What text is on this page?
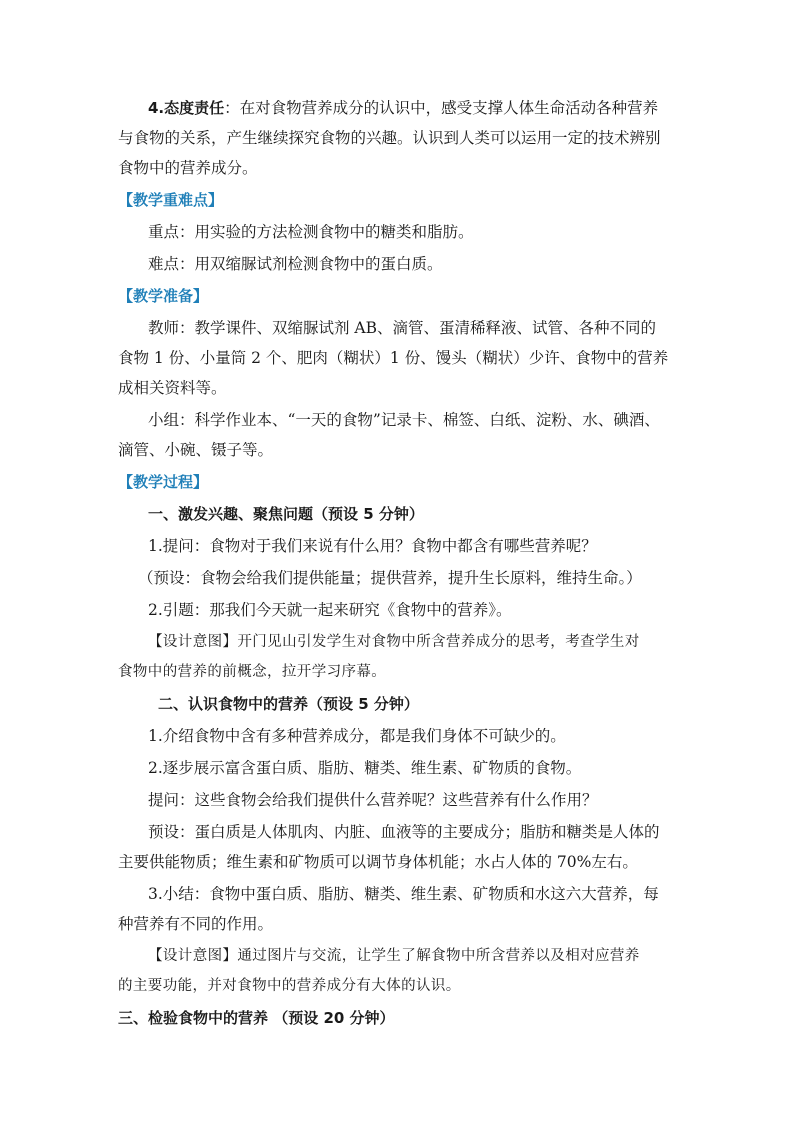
4.态度责任：在对食物营养成分的认识中，感受支撑人体生命活动各种营养
与食物的关系，产生继续探究食物的兴趣。认识到人类可以运用一定的技术辨别
食物中的营养成分。
【教学重难点】
重点：用实验的方法检测食物中的糖类和脂肪。
难点：用双缩脲试剂检测食物中的蛋白质。
【教学准备】
教师：教学课件、双缩脲试剂 AB、滴管、蛋清稀释液、试管、各种不同的
食物 1 份、小量筒 2 个、肥肉（糊状）1 份、馒头（糊状）少许、食物中的营养
成相关资料等。
小组：科学作业本、“一天的食物”记录卡、棉签、白纸、淀粉、水、碘酒、
滴管、小碗、镊子等。
【教学过程】
一、激发兴趣、聚焦问题（预设 5 分钟）
1.提问：食物对于我们来说有什么用？食物中都含有哪些营养呢？
（预设：食物会给我们提供能量；提供营养，提升生长原料，维持生命。）
2.引题：那我们今天就一起来研究《食物中的营养》。
【设计意图】开门见山引发学生对食物中所含营养成分的思考，考查学生对
食物中的营养的前概念，拉开学习序幕。
二、认识食物中的营养（预设 5 分钟）
1.介绍食物中含有多种营养成分，都是我们身体不可缺少的。
2.逐步展示富含蛋白质、脂肪、糖类、维生素、矿物质的食物。
提问：这些食物会给我们提供什么营养呢？这些营养有什么作用？
预设：蛋白质是人体肌肉、内脏、血液等的主要成分；脂肪和糖类是人体的
主要供能物质；维生素和矿物质可以调节身体机能；水占人体的 70%左右。
3.小结：食物中蛋白质、脂肪、糖类、维生素、矿物质和水这六大营养，每
种营养有不同的作用。
【设计意图】通过图片与交流，让学生了解食物中所含营养以及相对应营养
的主要功能，并对食物中的营养成分有大体的认识。
三、检验食物中的营养 （预设 20 分钟）
